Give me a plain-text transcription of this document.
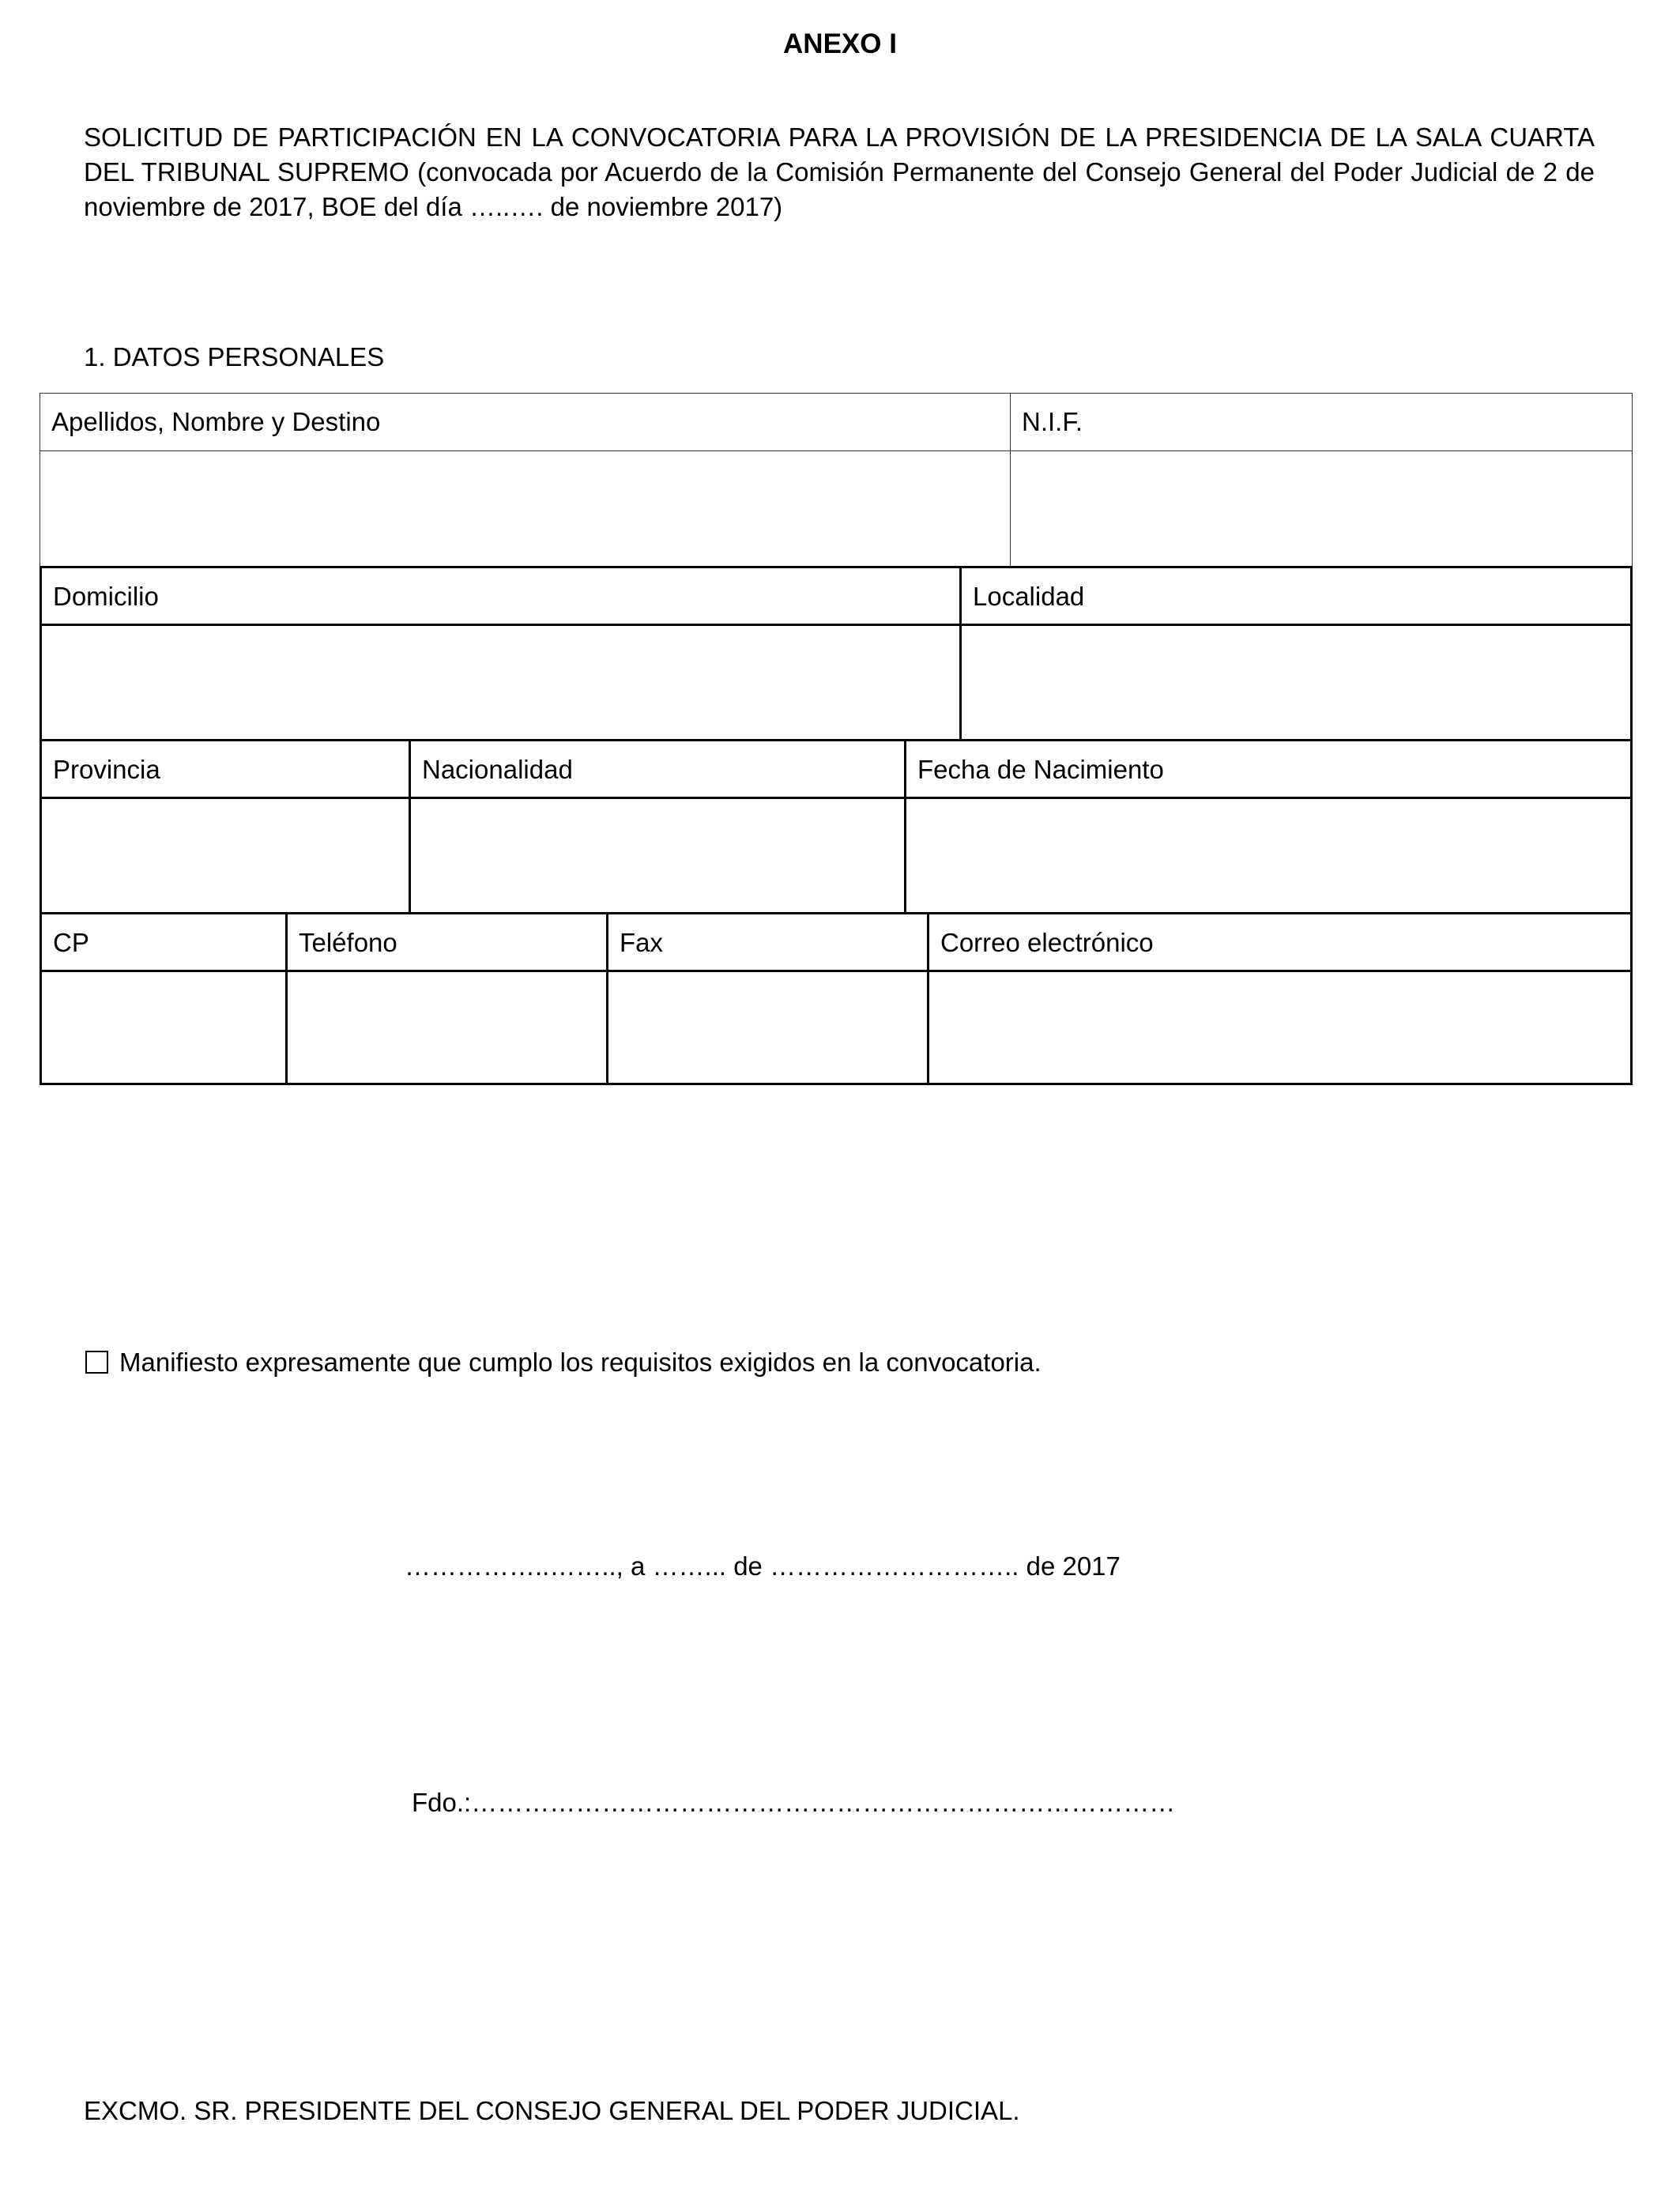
ANEXO I
SOLICITUD DE PARTICIPACIÓN EN LA CONVOCATORIA PARA LA PROVISIÓN DE LA PRESIDENCIA DE LA SALA CUARTA DEL TRIBUNAL SUPREMO (convocada por Acuerdo de la Comisión Permanente del Consejo General del Poder Judicial de 2 de noviembre de 2017, BOE del día …..…. de noviembre 2017)
1. DATOS PERSONALES
Apellidos, Nombre y Destino	N.I.F.
Domicilio	Localidad
Provincia	Nacionalidad	Fecha de Nacimiento
CP	Teléfono	Fax	Correo electrónico
Manifiesto expresamente que cumplo los requisitos exigidos en la convocatoria.
……………..…….., a ……... de ……………………….. de 2017
Fdo.:………………………………………………………………………
EXCMO. SR. PRESIDENTE DEL CONSEJO GENERAL DEL PODER JUDICIAL.
